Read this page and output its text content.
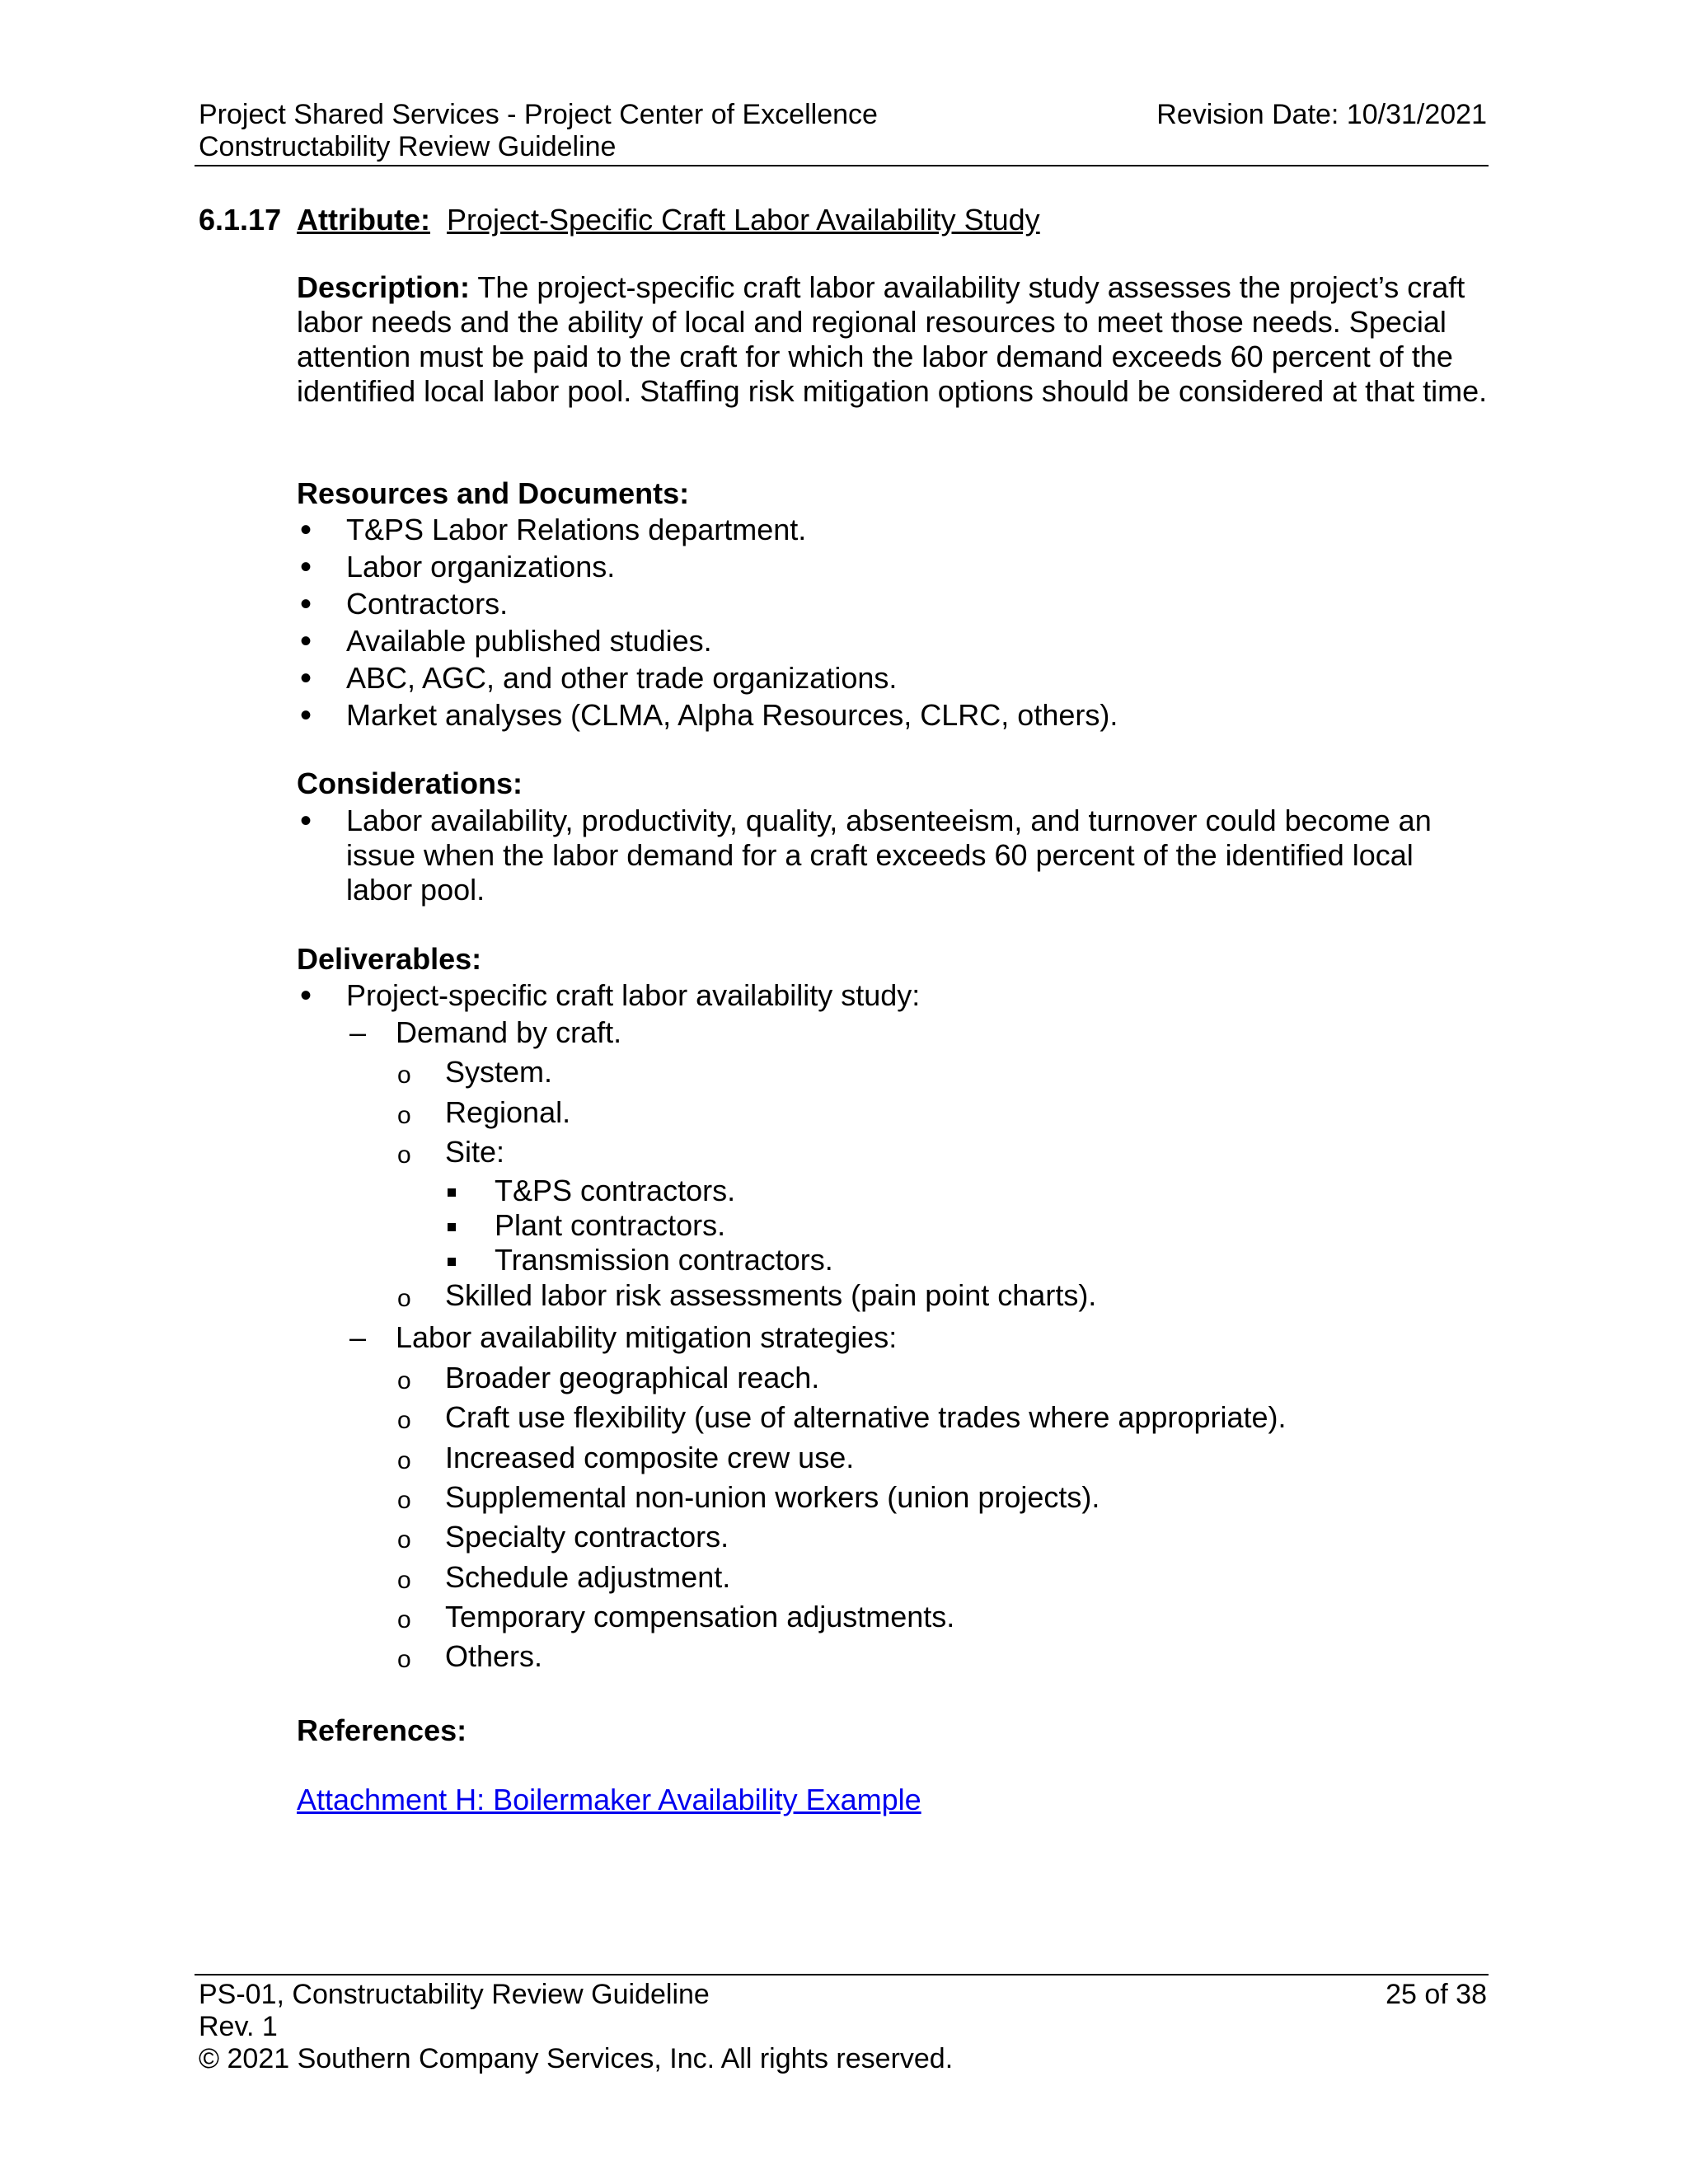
Project Shared Services - Project Center of Excellence	Revision Date: 10/31/2021
Constructability Review Guideline
6.1.17 Attribute: Project-Specific Craft Labor Availability Study
Description: The project-specific craft labor availability study assesses the project’s craft labor needs and the ability of local and regional resources to meet those needs. Special attention must be paid to the craft for which the labor demand exceeds 60 percent of the identified local labor pool. Staffing risk mitigation options should be considered at that time.
Resources and Documents:
• T&PS Labor Relations department.
• Labor organizations.
• Contractors.
• Available published studies.
• ABC, AGC, and other trade organizations.
• Market analyses (CLMA, Alpha Resources, CLRC, others).
Considerations:
• Labor availability, productivity, quality, absenteeism, and turnover could become an issue when the labor demand for a craft exceeds 60 percent of the identified local labor pool.
Deliverables:
• Project-specific craft labor availability study:
– Demand by craft.
o System.
o Regional.
o Site:
T&PS contractors.
Plant contractors.
Transmission contractors.
o Skilled labor risk assessments (pain point charts).
– Labor availability mitigation strategies:
o Broader geographical reach.
o Craft use flexibility (use of alternative trades where appropriate).
o Increased composite crew use.
o Supplemental non-union workers (union projects).
o Specialty contractors.
o Schedule adjustment.
o Temporary compensation adjustments.
o Others.
References:
Attachment H: Boilermaker Availability Example
PS-01, Constructability Review Guideline	25 of 38
Rev. 1
© 2021 Southern Company Services, Inc. All rights reserved.
